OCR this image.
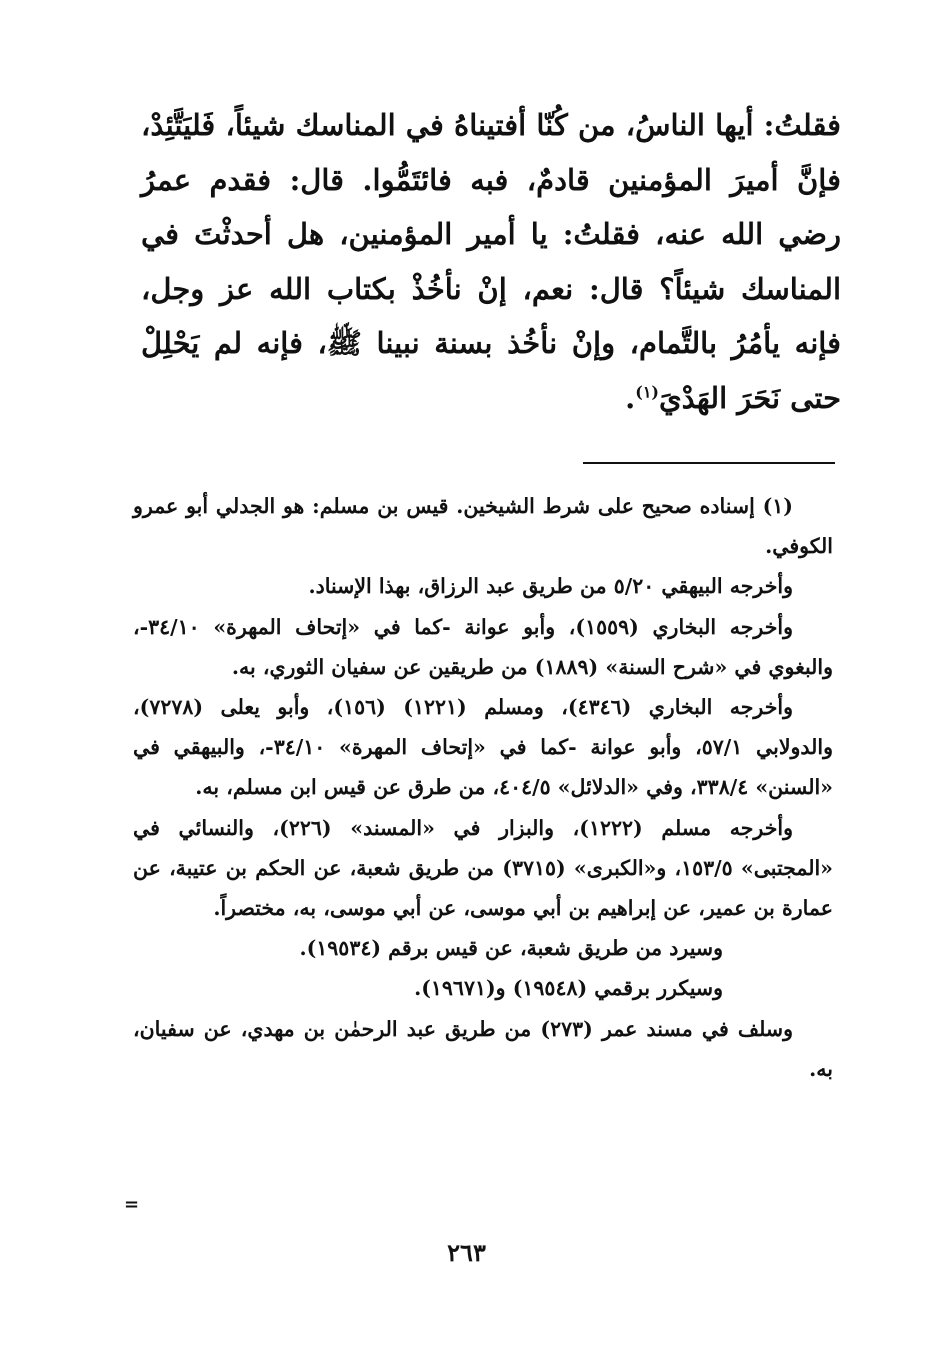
فقلتُ: أيها الناسُ، من كُنّا أفتيناهُ في المناسك شيئاً، فَليَتَّئِدْ، فإنَّ أميرَ المؤمنين قادمٌ، فبه فائتَمُّوا. قال: فقدم عمرُ رضي الله عنه، فقلتُ: يا أمير المؤمنين، هل أحدثْتَ في المناسك شيئاً؟ قال: نعم، إنْ نأخُذْ بكتاب الله عز وجل، فإنه يأمُرُ بالتَّمام، وإنْ نأخُذ بسنة نبينا ﷺ، فإنه لم يَحْلِلْ حتى نَحَرَ الهَدْيَ$^{(١)}$.

(١) إسناده صحيح على شرط الشيخين. قيس بن مسلم: هو الجدلي أبو عمرو الكوفي.

وأخرجه البيهقي ٥/٢٠ من طريق عبد الرزاق، بهذا الإسناد.

وأخرجه البخاري (١٥٥٩)، وأبو عوانة -كما في «إتحاف المهرة» ٣٤/١٠-، والبغوي في «شرح السنة» (١٨٨٩) من طريقين عن سفيان الثوري، به.

وأخرجه البخاري (٤٣٤٦)، ومسلم (١٢٢١) (١٥٦)، وأبو يعلى (٧٢٧٨)، والدولابي ٥٧/١، وأبو عوانة -كما في «إتحاف المهرة» ٣٤/١٠-، والبيهقي في «السنن» ٣٣٨/٤، وفي «الدلائل» ٤٠٤/٥، من طرق عن قيس ابن مسلم، به.

وأخرجه مسلم (١٢٢٢)، والبزار في «المسند» (٢٢٦)، والنسائي في «المجتبى» ١٥٣/٥، و«الكبرى» (٣٧١٥) من طريق شعبة، عن الحكم بن عتيبة، عن عمارة بن عمير، عن إبراهيم بن أبي موسى، عن أبي موسى، به، مختصراً.

وسيرد من طريق شعبة، عن قيس برقم (١٩٥٣٤).

وسيكرر برقمي (١٩٥٤٨) و(١٩٦٧١).

وسلف في مسند عمر (٢٧٣) من طريق عبد الرحمٰن بن مهدي، عن سفيان، به.

=
٢٦٣
